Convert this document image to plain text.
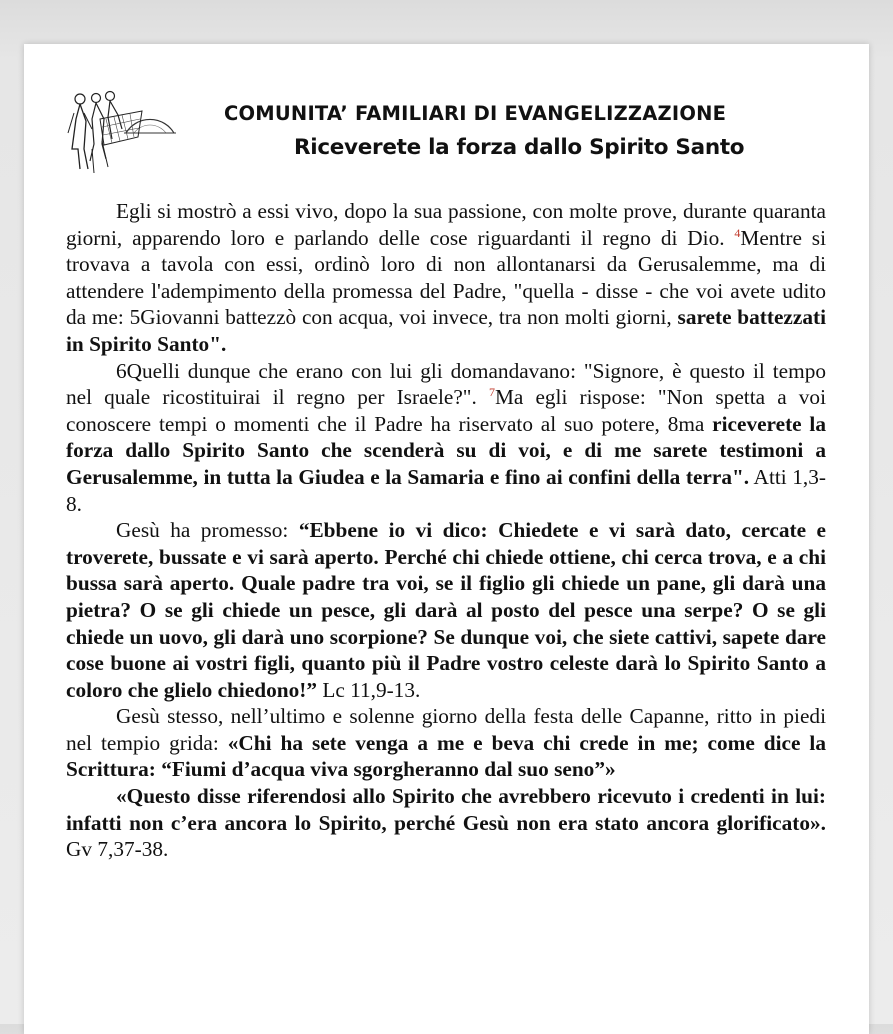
COMUNITA’ FAMILIARI DI EVANGELIZZAZIONE
Riceverete la forza dallo Spirito Santo

Egli si mostrò a essi vivo, dopo la sua passione, con molte prove, durante quaranta giorni, apparendo loro e parlando delle cose riguardanti il regno di Dio. $^4$Mentre si trovava a tavola con essi, ordinò loro di non allontanarsi da Gerusalemme, ma di attendere l'adempimento della promessa del Padre, "quella - disse - che voi avete udito da me: 5Giovanni battezzò con acqua, voi invece, tra non molti giorni, sarete battezzati in Spirito Santo".

6Quelli dunque che erano con lui gli domandavano: "Signore, è questo il tempo nel quale ricostituirai il regno per Israele?". $^7$Ma egli rispose: "Non spetta a voi conoscere tempi o momenti che il Padre ha riservato al suo potere, 8ma riceverete la forza dallo Spirito Santo che scenderà su di voi, e di me sarete testimoni a Gerusalemme, in tutta la Giudea e la Samaria e fino ai confini della terra". Atti 1,3-8.

Gesù ha promesso: “Ebbene io vi dico: Chiedete e vi sarà dato, cercate e troverete, bussate e vi sarà aperto. Perché chi chiede ottiene, chi cerca trova, e a chi bussa sarà aperto. Quale padre tra voi, se il figlio gli chiede un pane, gli darà una pietra? O se gli chiede un pesce, gli darà al posto del pesce una serpe? O se gli chiede un uovo, gli darà uno scorpione? Se dunque voi, che siete cattivi, sapete dare cose buone ai vostri figli, quanto più il Padre vostro celeste darà lo Spirito Santo a coloro che glielo chiedono!” Lc 11,9-13.

Gesù stesso, nell’ultimo e solenne giorno della festa delle Capanne, ritto in piedi nel tempio grida: «Chi ha sete venga a me e beva chi crede in me; come dice la Scrittura: “Fiumi d’acqua viva sgorgheranno dal suo seno”»

«Questo disse riferendosi allo Spirito che avrebbero ricevuto i credenti in lui: infatti non c’era ancora lo Spirito, perché Gesù non era stato ancora glorificato». Gv 7,37-38.
